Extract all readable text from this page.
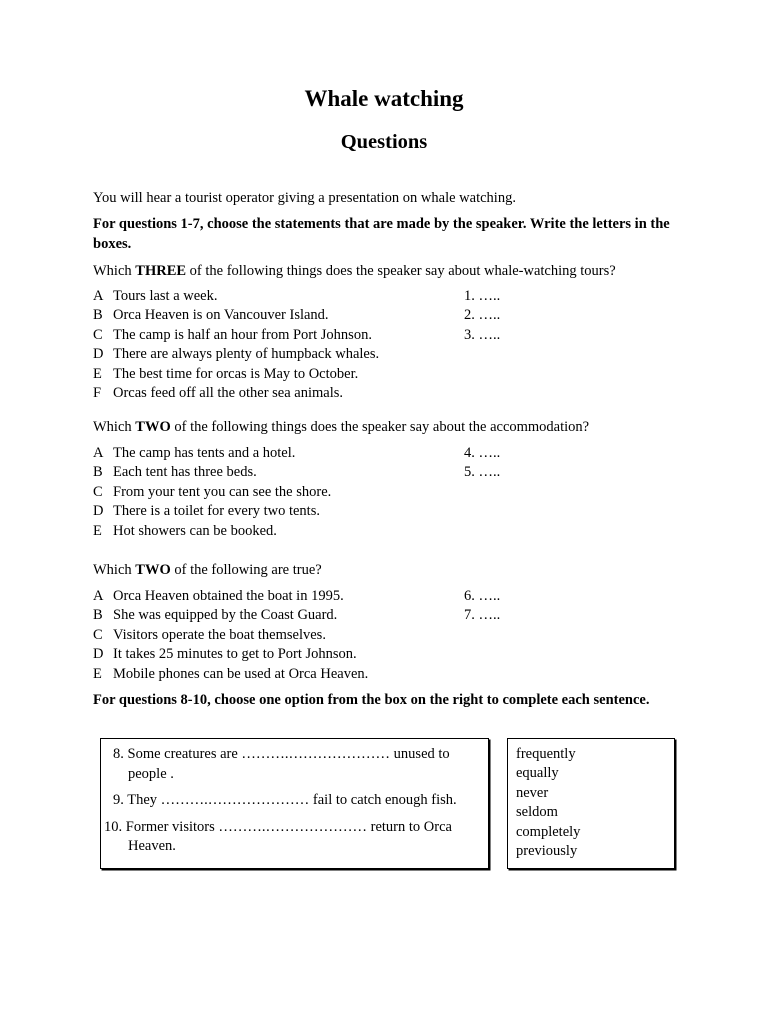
Whale watching
Questions

You will hear a tourist operator giving a presentation on whale watching.

For questions 1-7, choose the statements that are made by the speaker. Write the letters in the boxes.

Which THREE of the following things does the speaker say about whale-watching tours?

A Tours last a week.
B Orca Heaven is on Vancouver Island.
C The camp is half an hour from Port Johnson.
D There are always plenty of humpback whales.
E The best time for orcas is May to October.
F Orcas feed off all the other sea animals.
1. …..
2. …..
3. …..

Which TWO of the following things does the speaker say about the accommodation?

A The camp has tents and a hotel.
B Each tent has three beds.
C From your tent you can see the shore.
D There is a toilet for every two tents.
E Hot showers can be booked.
4. …..
5. …..

Which TWO of the following are true?

A Orca Heaven obtained the boat in 1995.
B She was equipped by the Coast Guard.
C Visitors operate the boat themselves.
D It takes 25 minutes to get to Port Johnson.
E Mobile phones can be used at Orca Heaven.
6. …..
7. …..

For questions 8-10, choose one option from the box on the right to complete each sentence.

8. Some creatures are ……….………………… unused to

people .

9. They ……….………………… fail to catch enough fish.

10. Former visitors ……….………………… return to Orca

Heaven.

frequently
equally
never
seldom
completely
previously
